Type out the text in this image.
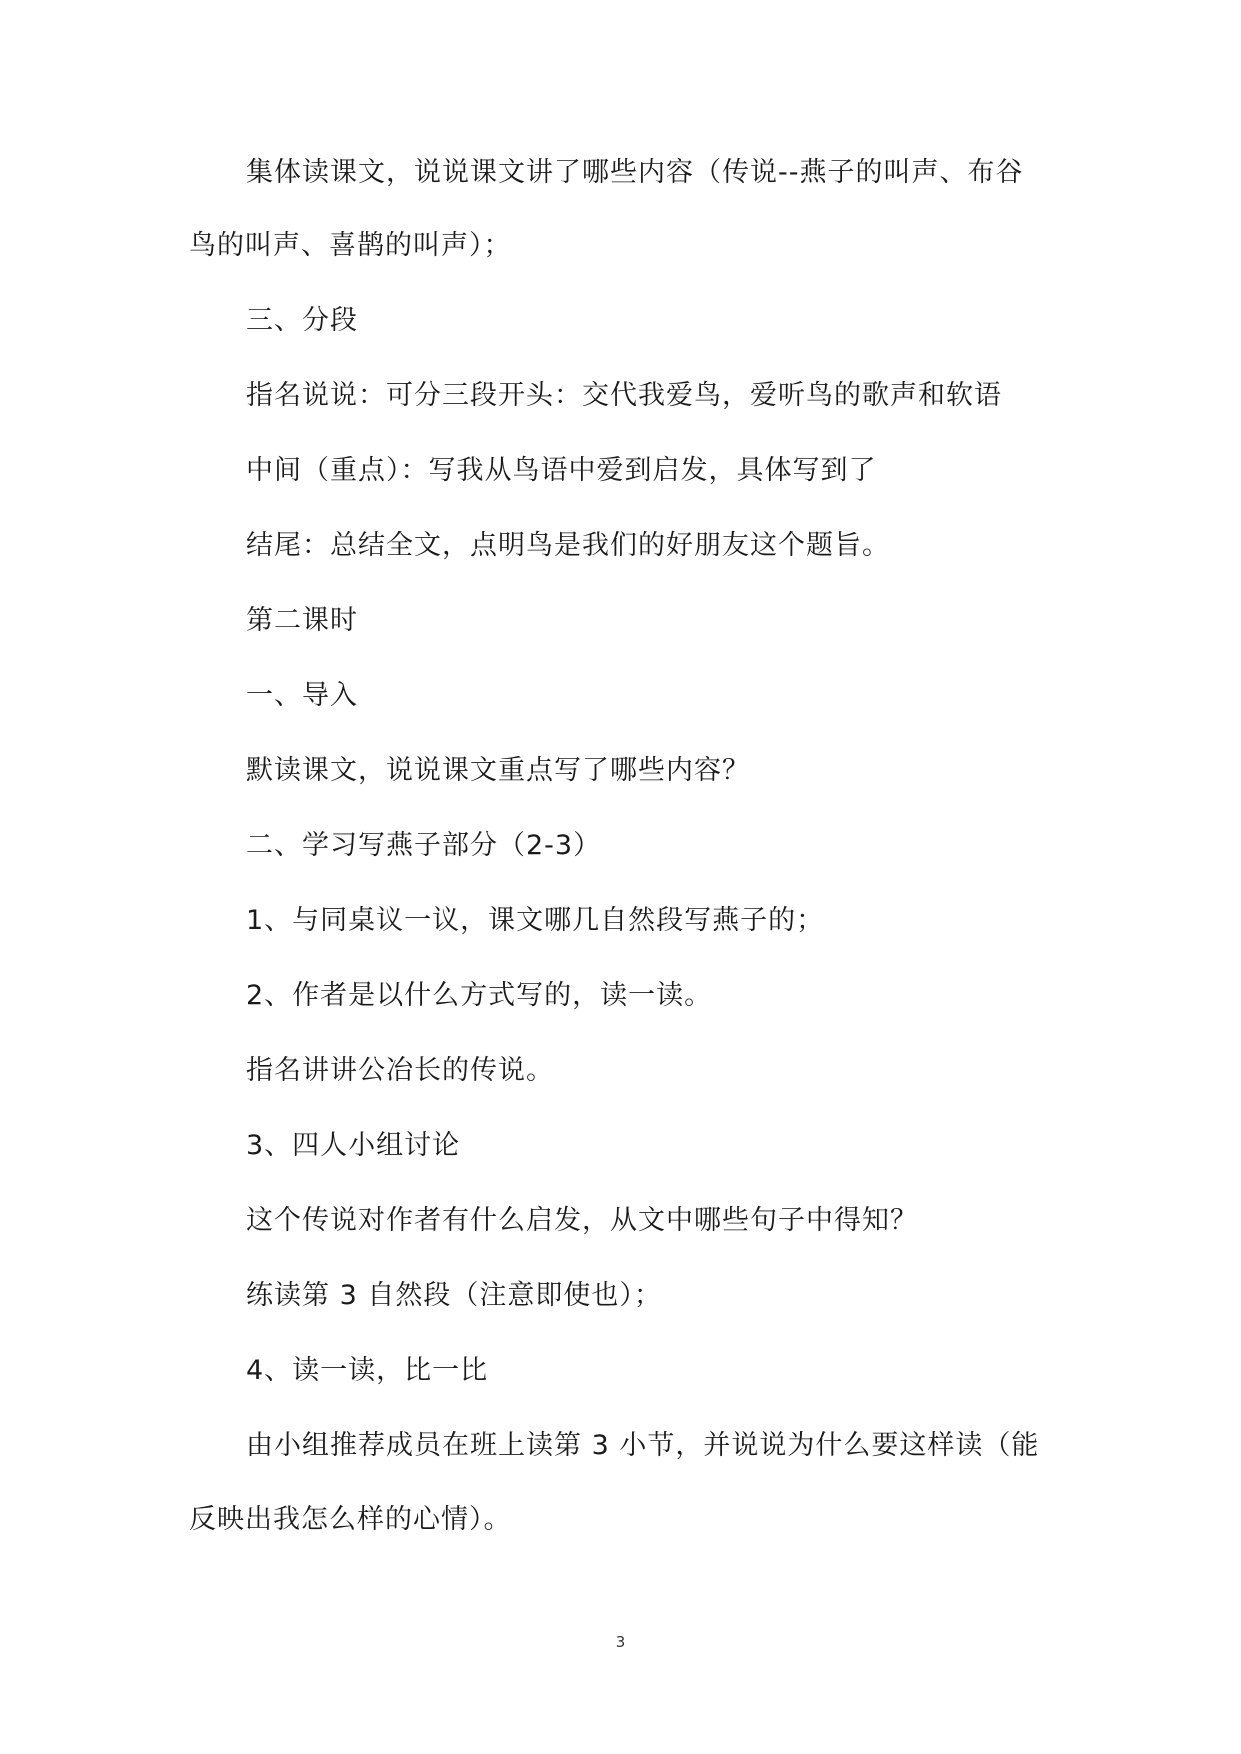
集体读课文，说说课文讲了哪些内容（传说--燕子的叫声、布谷
鸟的叫声、喜鹊的叫声）；
三、分段
指名说说：可分三段开头：交代我爱鸟，爱听鸟的歌声和软语
中间（重点）：写我从鸟语中爱到启发，具体写到了
结尾：总结全文，点明鸟是我们的好朋友这个题旨。
第二课时
一、导入
默读课文，说说课文重点写了哪些内容？
二、学习写燕子部分（2-3）
1、与同桌议一议，课文哪几自然段写燕子的；
2、作者是以什么方式写的，读一读。
指名讲讲公冶长的传说。
3、四人小组讨论
这个传说对作者有什么启发，从文中哪些句子中得知？
练读第 3 自然段（注意即使也）；
4、读一读，比一比
由小组推荐成员在班上读第 3 小节，并说说为什么要这样读（能
反映出我怎么样的心情）。
3
